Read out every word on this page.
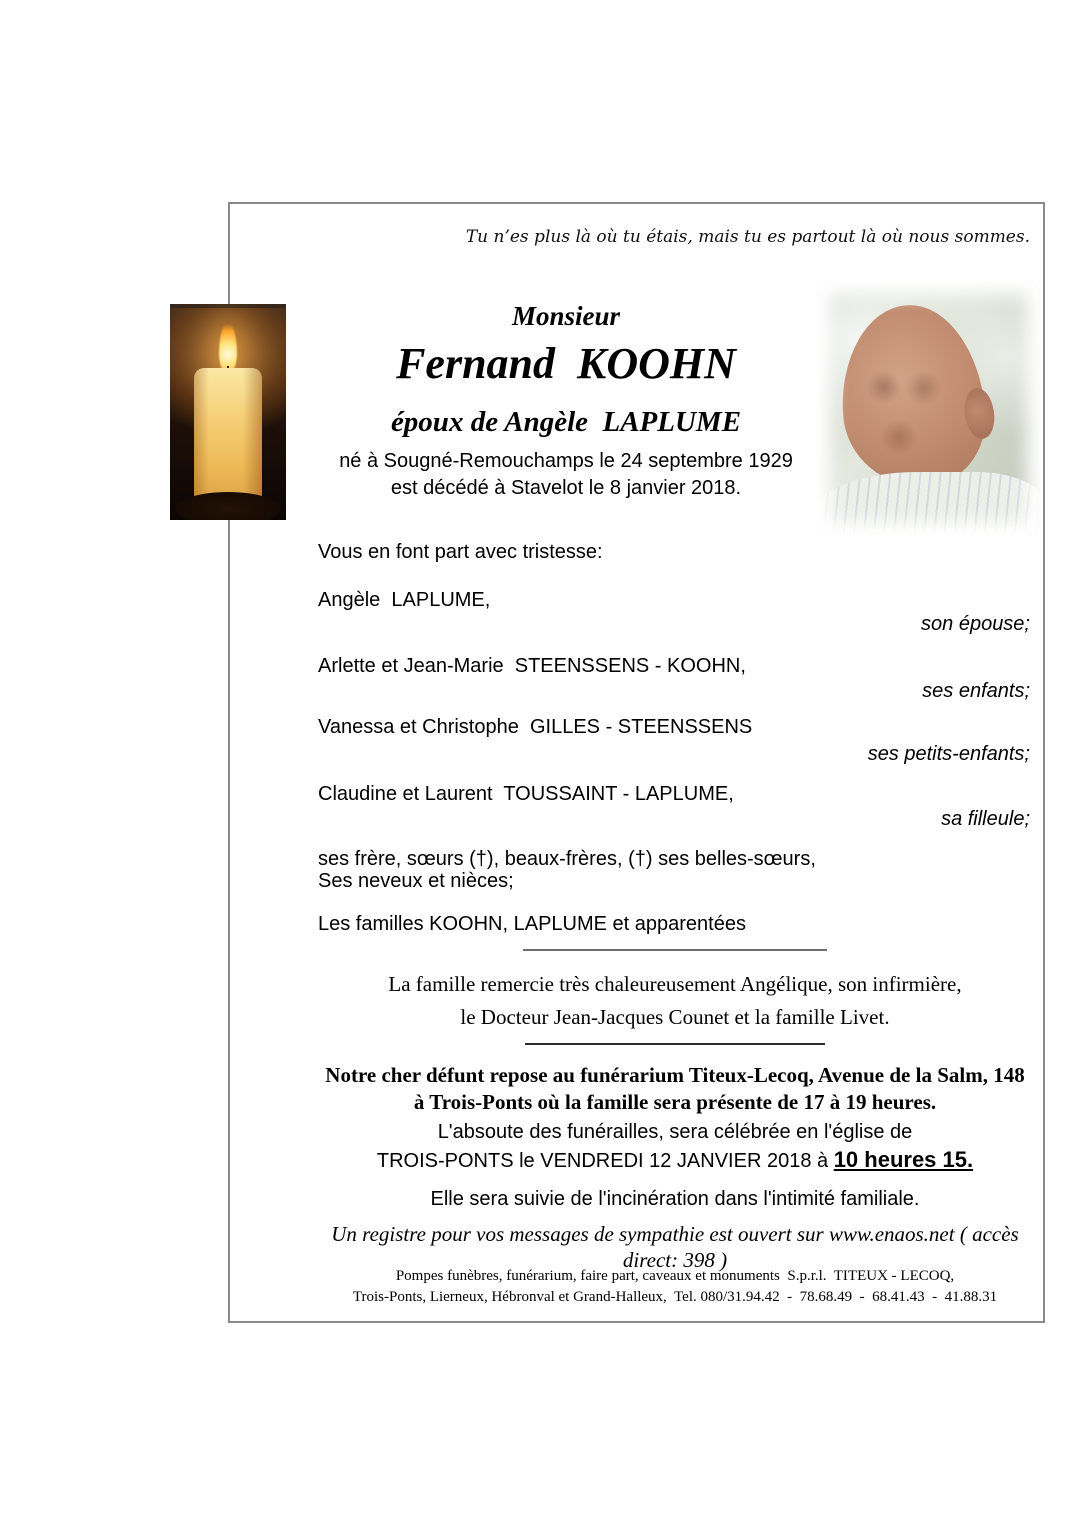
Tu n’es plus là où tu étais, mais tu es partout là où nous sommes.
Monsieur
Fernand  KOOHN
époux de Angèle  LAPLUME
né à Sougné-Remouchamps le 24 septembre 1929
est décédé à Stavelot le 8 janvier 2018.
Vous en font part avec tristesse:
Angèle  LAPLUME,
son épouse;
Arlette et Jean-Marie  STEENSSENS - KOOHN,
ses enfants;
Vanessa et Christophe  GILLES - STEENSSENS
ses petits-enfants;
Claudine et Laurent  TOUSSAINT - LAPLUME,
sa filleule;
ses frère, sœurs (†), beaux-frères, (†) ses belles-sœurs,
Ses neveux et nièces;
Les familles KOOHN, LAPLUME et apparentées
La famille remercie très chaleureusement Angélique, son infirmière,
le Docteur Jean-Jacques Counet et la famille Livet.
Notre cher défunt repose au funérarium Titeux-Lecoq, Avenue de la Salm, 148
à Trois-Ponts où la famille sera présente de 17 à 19 heures.
L'absoute des funérailles, sera célébrée en l'église de
TROIS-PONTS le VENDREDI 12 JANVIER 2018 à 10 heures 15.
Elle sera suivie de l'incinération dans l'intimité familiale.
Un registre pour vos messages de sympathie est ouvert sur www.enaos.net ( accès direct: 398 )
Pompes funèbres, funérarium, faire part, caveaux et monuments  S.p.r.l.  TITEUX - LECOQ,
Trois-Ponts, Lierneux, Hébronval et Grand-Halleux,  Tel. 080/31.94.42  -  78.68.49  -  68.41.43  -  41.88.31
